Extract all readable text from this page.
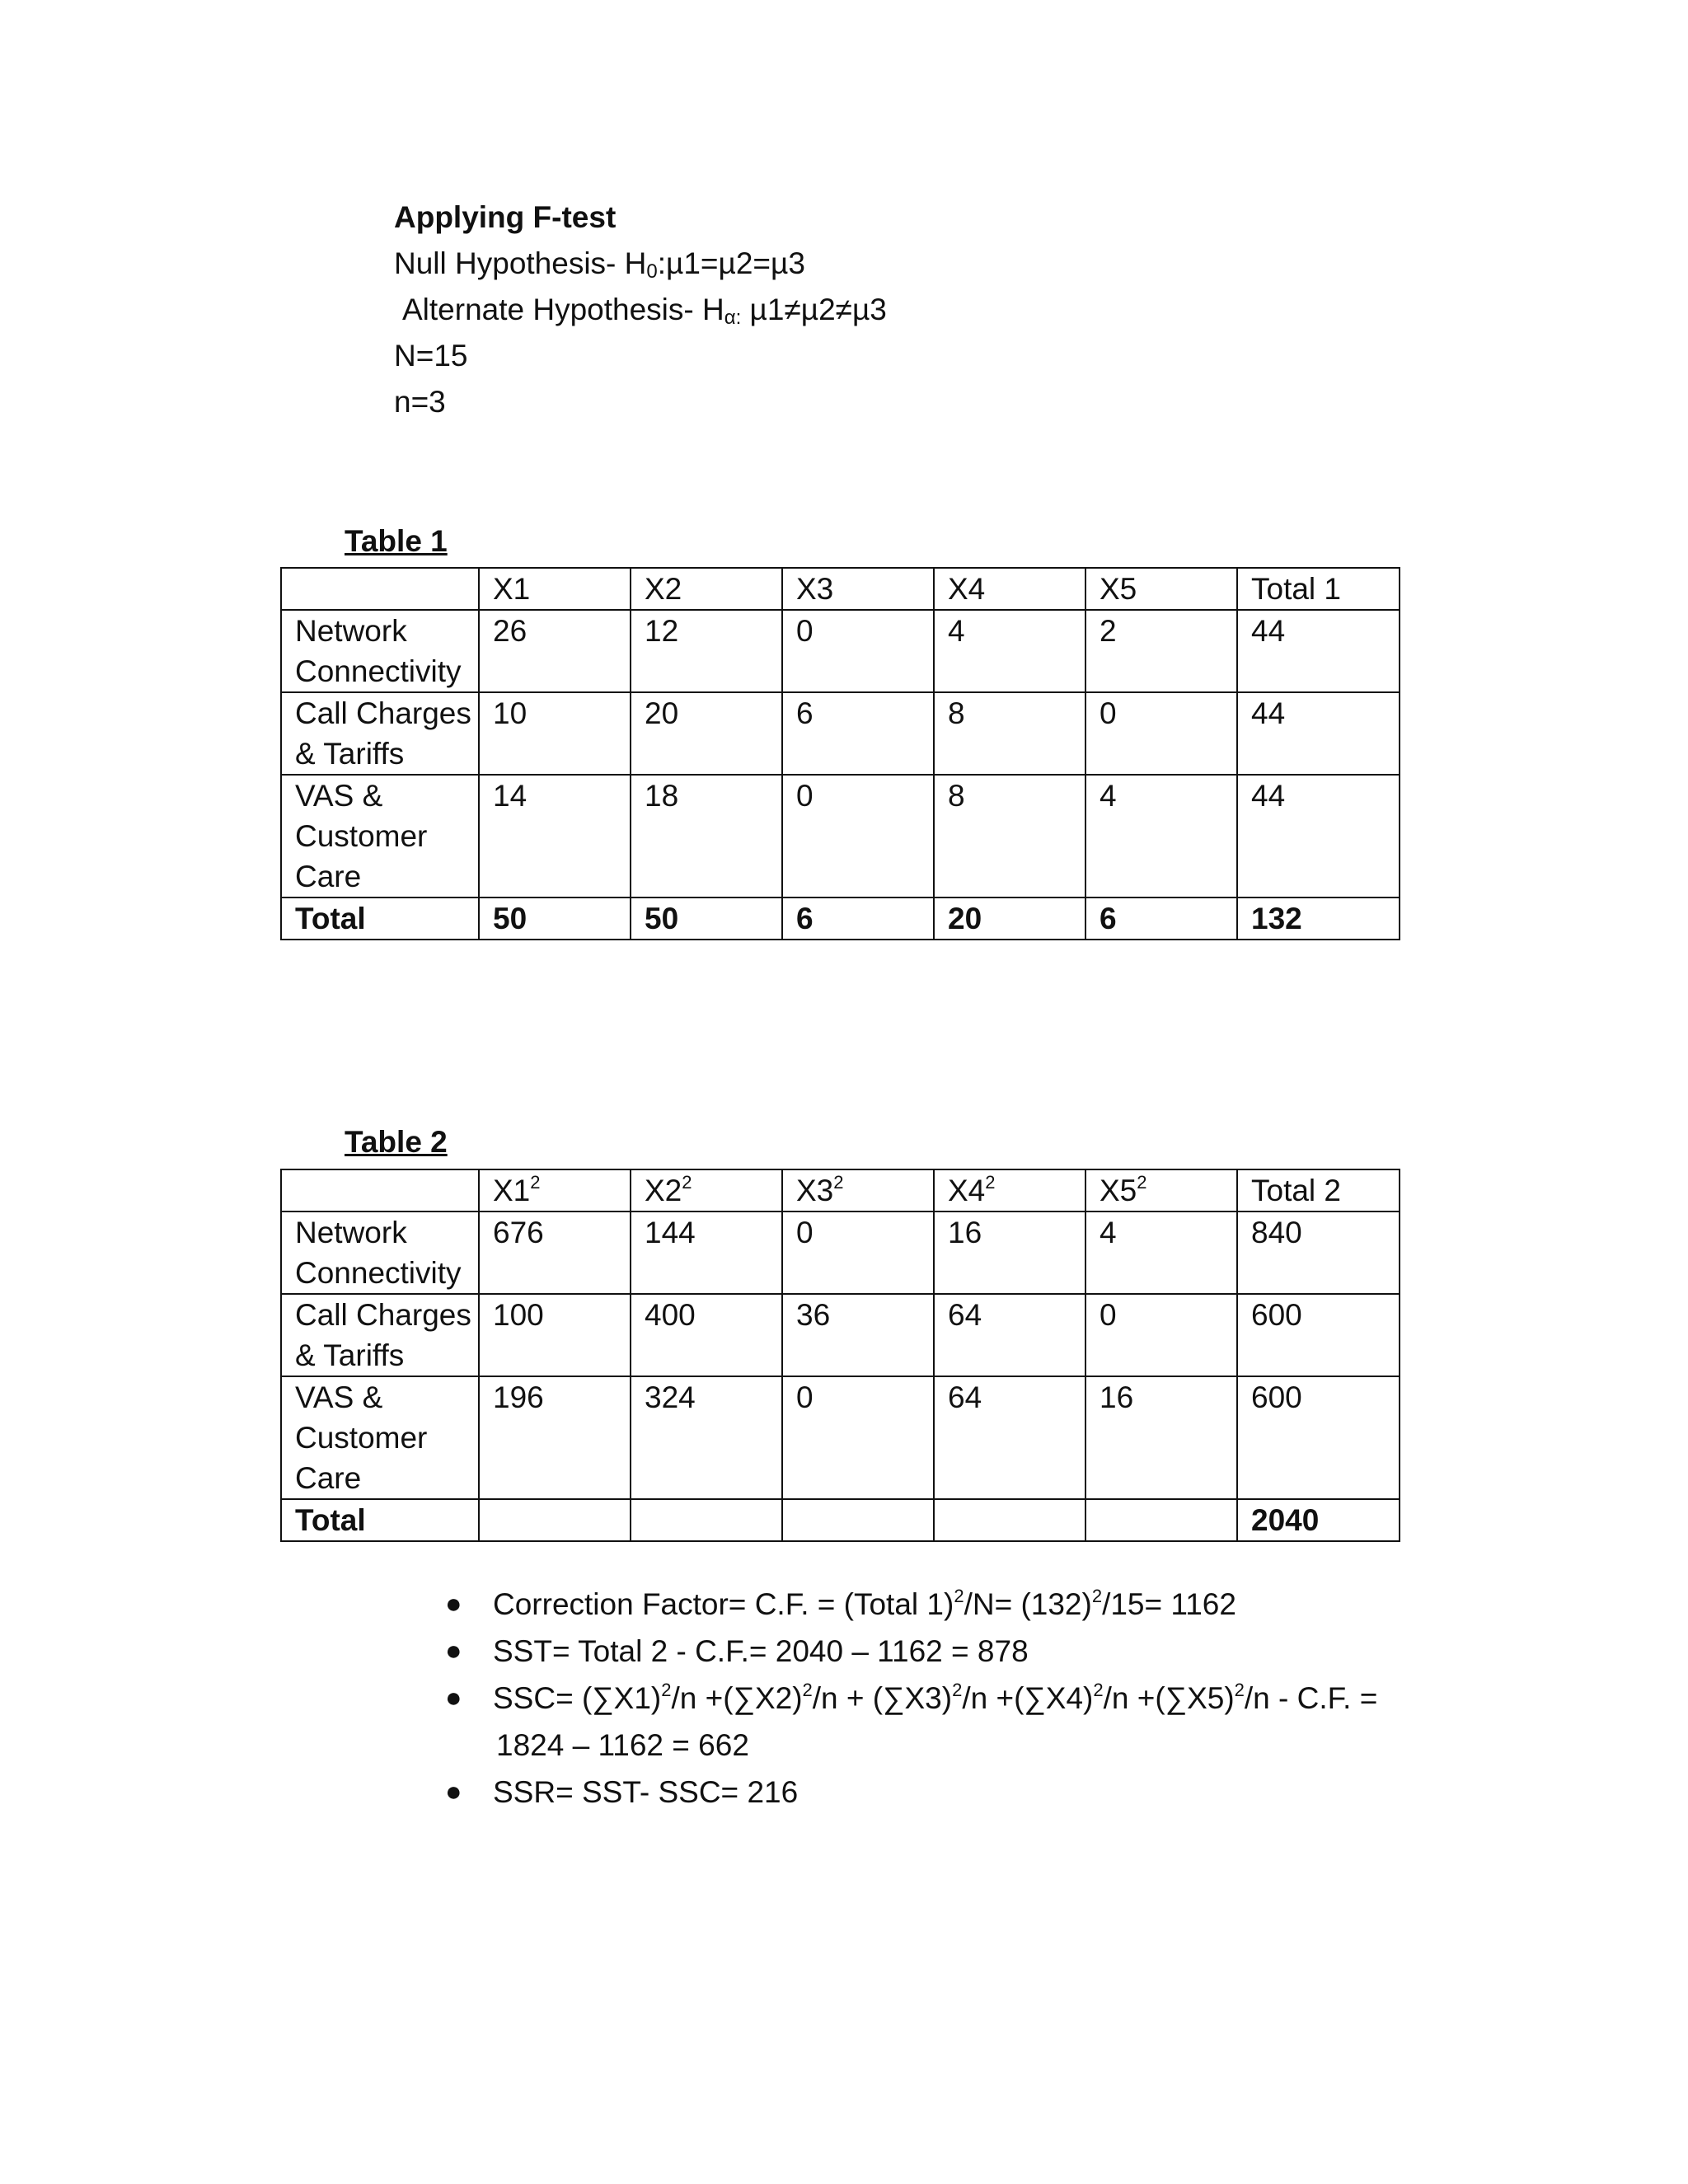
Applying F-test
Null Hypothesis- $H_0:\mu 1=\mu 2=\mu 3$
Alternate Hypothesis- $H_{\alpha:}$ µ1≠µ2≠µ3
N=15
n=3
Table 1
	X1	X2	X3	X4	X5	Total 1
Network Connectivity	26	12	0	4	2	44
Call Charges & Tariffs	10	20	6	8	0	44
VAS & Customer Care	14	18	0	8	4	44
Total	50	50	6	20	6	132
Table 2
	$X1^2$	$X2^2$	$X3^2$	$X4^2$	$X5^2$	Total 2
Network Connectivity	676	144	0	16	4	840
Call Charges & Tariffs	100	400	36	64	0	600
VAS & Customer Care	196	324	0	64	16	600
Total						2040
● Correction Factor= C.F. = (Total $1)^2/N= (132)^2/15= 1162$
● SST= Total 2 - C.F.= 2040 – 1162 = 878
● $SSC= (\sum X1)^2/n +(\sum X2)^2/n + (\sum X3)^2/n +(\sum X4)^2/n +(\sum X5)^2/n - C.F$. =
1824 – 1162 = 662
● SSR= SST- SSC= 216
